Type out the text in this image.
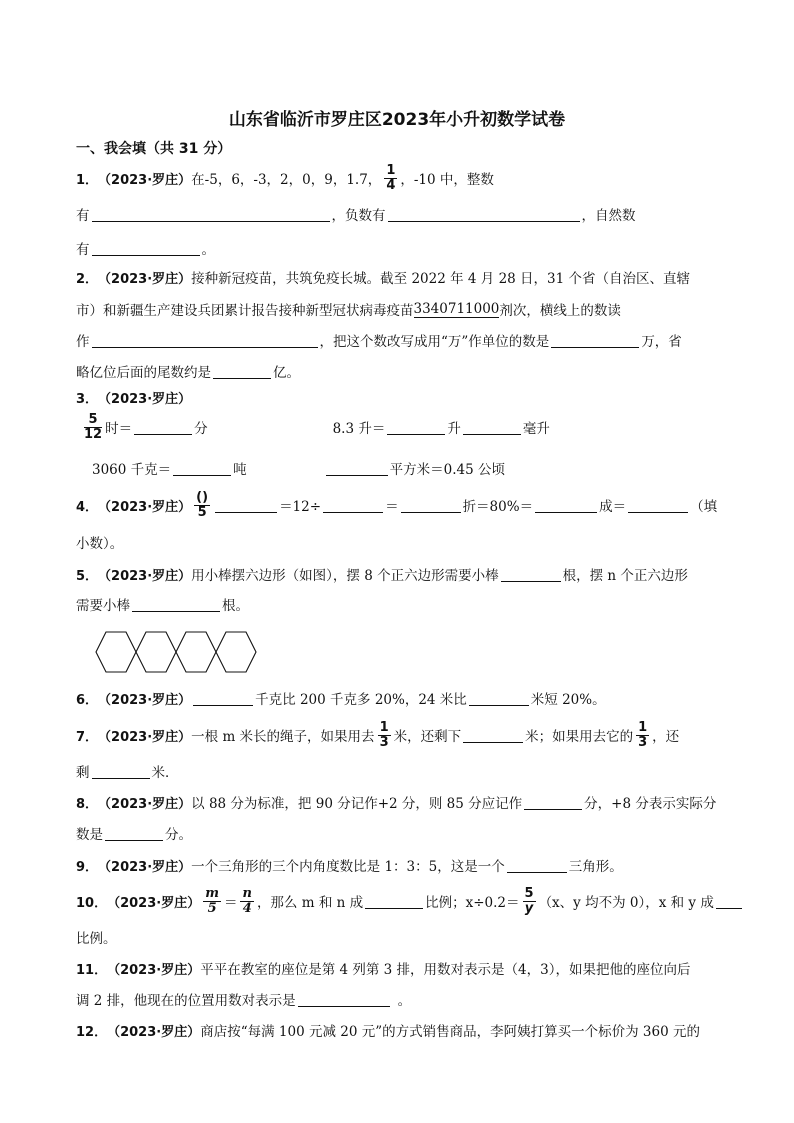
山东省临沂市罗庄区2023年小升初数学试卷
一、我会填（共 31 分）
1． （2023·罗庄） 在-5，6，-3，2，0，9，1.7， $\frac{1}{4}$ ，-10 中，整数
有	，负数有	，自然数
有	。
2． （2023·罗庄） 接种新冠疫苗，共筑免疫长城。截至 2022 年 4 月 28 日，31 个省（自治区、直辖
市）和新疆生产建设兵团累计报告接种新型冠状病毒疫苗 3340711000 剂次，横线上的数读
作	，把这个数改写成用“万”作单位的数是	万，省
略亿位后面的尾数约是	亿。
3． （2023·罗庄）
$\frac{5}{12}$ 时＝	分	8.3 升＝	升	毫升
3060 千克＝	吨	平方米＝0.45 公顷
4． （2023·罗庄） $\frac{()}{5}$	＝12÷	＝	折＝80%＝	成＝	（填
小数）。
5． （2023·罗庄） 用小棒摆六边形（如图），摆 8 个正六边形需要小棒	根，摆 n 个正六边形
需要小棒	根。
6． （2023·罗庄）	千克比 200 千克多 20%，24 米比	米短 20%。
7． （2023·罗庄） 一根 m 米长的绳子，如果用去 $\frac{1}{3}$ 米，还剩下	米；如果用去它的 $\frac{1}{3}$ ，还
剩	米．
8． （2023·罗庄） 以 88 分为标准，把 90 分记作+2 分，则 85 分应记作	分，+8 分表示实际分
数是	分。
9． （2023·罗庄） 一个三角形的三个内角度数比是 1：3：5，这是一个	三角形。
10． （2023·罗庄） $\frac{m}{5} = \frac{n}{4}$ ，那么 m 和 n 成	比例；$x\div 0.2= \frac{5}{y} (x$、y 均不为 0），x 和 y 成
比例。
11． （2023·罗庄） 平平在教室的座位是第 4 列第 3 排，用数对表示是（4，3），如果把他的座位向后
调 2 排，他现在的位置用数对表示是	。
12． （2023·罗庄） 商店按“每满 100 元减 20 元”的方式销售商品，李阿姨打算买一个标价为 360 元的
